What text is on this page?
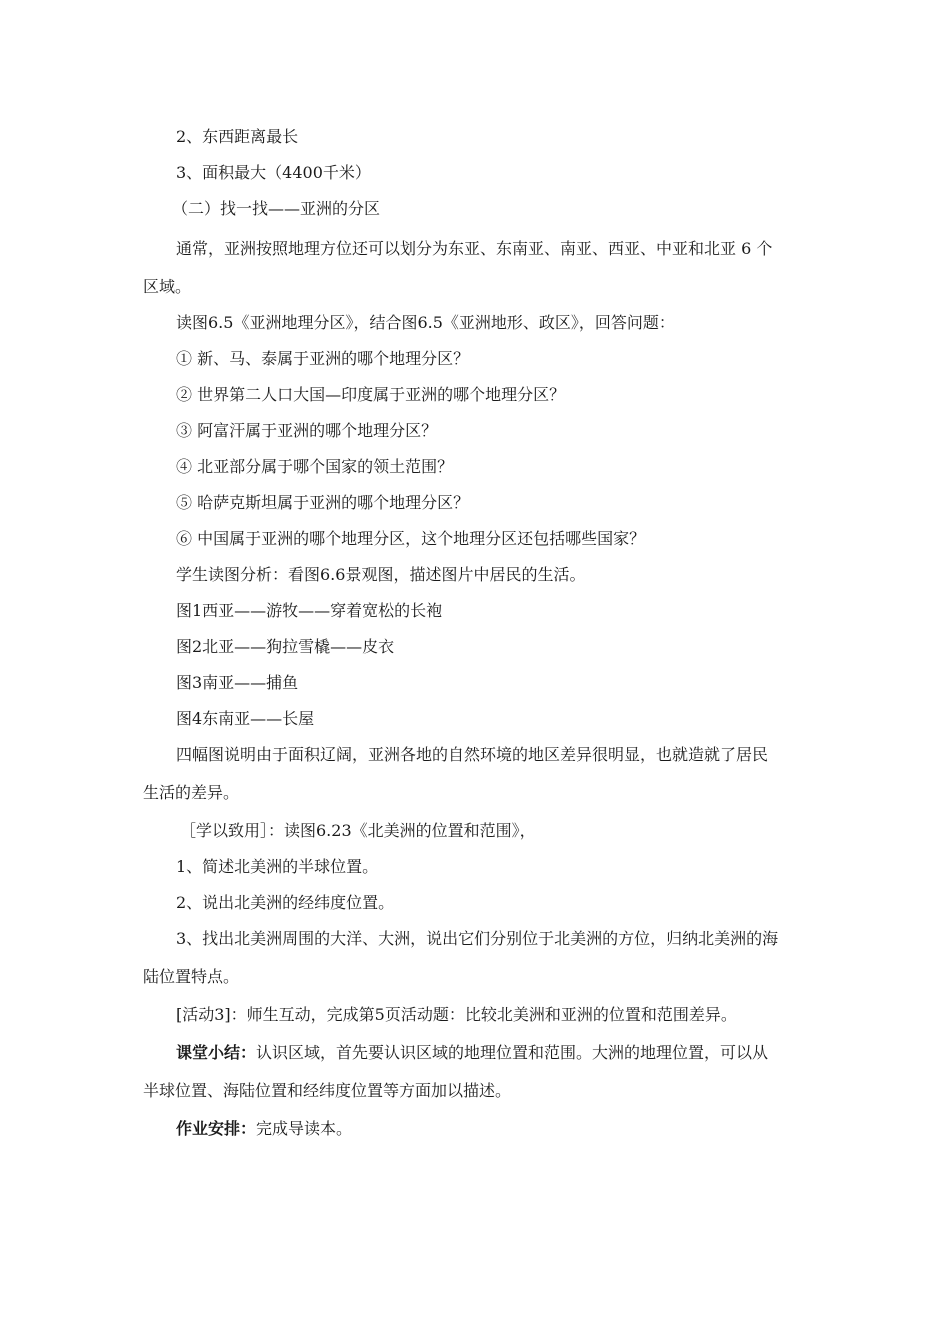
2、东西距离最长
3、面积最大（4400千米）
（二）找一找——亚洲的分区
通常，亚洲按照地理方位还可以划分为东亚、东南亚、南亚、西亚、中亚和北亚 6 个
区域。
读图6.5《亚洲地理分区》，结合图6.5《亚洲地形、政区》，回答问题：
① 新、马、泰属于亚洲的哪个地理分区？
② 世界第二人口大国—印度属于亚洲的哪个地理分区？
③ 阿富汗属于亚洲的哪个地理分区？
④ 北亚部分属于哪个国家的领土范围？
⑤ 哈萨克斯坦属于亚洲的哪个地理分区？
⑥ 中国属于亚洲的哪个地理分区，这个地理分区还包括哪些国家？
学生读图分析：看图6.6景观图，描述图片中居民的生活。
图1西亚——游牧——穿着宽松的长袍
图2北亚——狗拉雪橇——皮衣
图3南亚——捕鱼
图4东南亚——长屋
四幅图说明由于面积辽阔，亚洲各地的自然环境的地区差异很明显，也就造就了居民
生活的差异。
［学以致用］：读图6.23《北美洲的位置和范围》，
1、简述北美洲的半球位置。
2、说出北美洲的经纬度位置。
3、找出北美洲周围的大洋、大洲，说出它们分别位于北美洲的方位，归纳北美洲的海
陆位置特点。
[活动3]：师生互动，完成第5页活动题：比较北美洲和亚洲的位置和范围差异。
课堂小结：认识区域，首先要认识区域的地理位置和范围。大洲的地理位置，可以从
半球位置、海陆位置和经纬度位置等方面加以描述。
作业安排：完成导读本。
